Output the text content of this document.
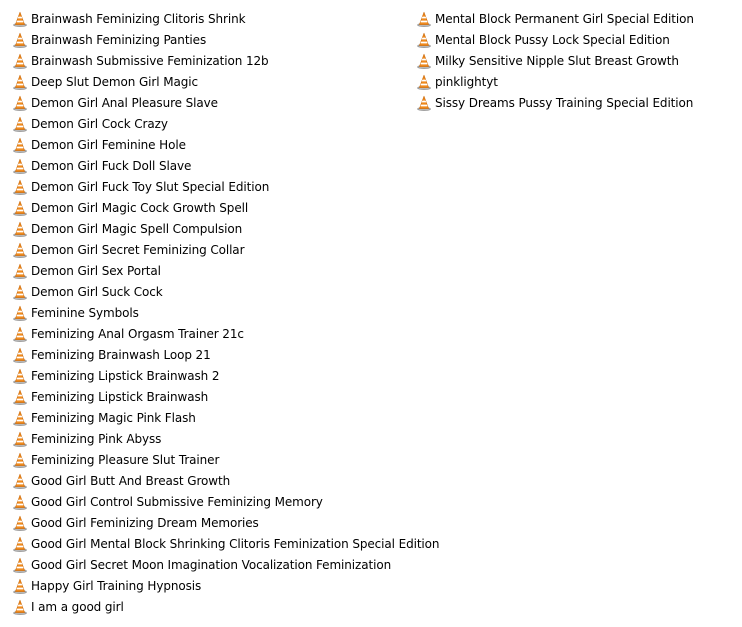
Brainwash Feminizing Clitoris Shrink
Brainwash Feminizing Panties
Brainwash Submissive Feminization 12b
Deep Slut Demon Girl Magic
Demon Girl Anal Pleasure Slave
Demon Girl Cock Crazy
Demon Girl Feminine Hole
Demon Girl Fuck Doll Slave
Demon Girl Fuck Toy Slut Special Edition
Demon Girl Magic Cock Growth Spell
Demon Girl Magic Spell Compulsion
Demon Girl Secret Feminizing Collar
Demon Girl Sex Portal
Demon Girl Suck Cock
Feminine Symbols
Feminizing Anal Orgasm Trainer 21c
Feminizing Brainwash Loop 21
Feminizing Lipstick Brainwash 2
Feminizing Lipstick Brainwash
Feminizing Magic Pink Flash
Feminizing Pink Abyss
Feminizing Pleasure Slut Trainer
Good Girl Butt And Breast Growth
Good Girl Control Submissive Feminizing Memory
Good Girl Feminizing Dream Memories
Good Girl Mental Block Shrinking Clitoris Feminization Special Edition
Good Girl Secret Moon Imagination Vocalization Feminization
Happy Girl Training Hypnosis
I am a good girl
Mental Block Permanent Girl Special Edition
Mental Block Pussy Lock Special Edition
Milky Sensitive Nipple Slut Breast Growth
pinklightyt
Sissy Dreams Pussy Training Special Edition
